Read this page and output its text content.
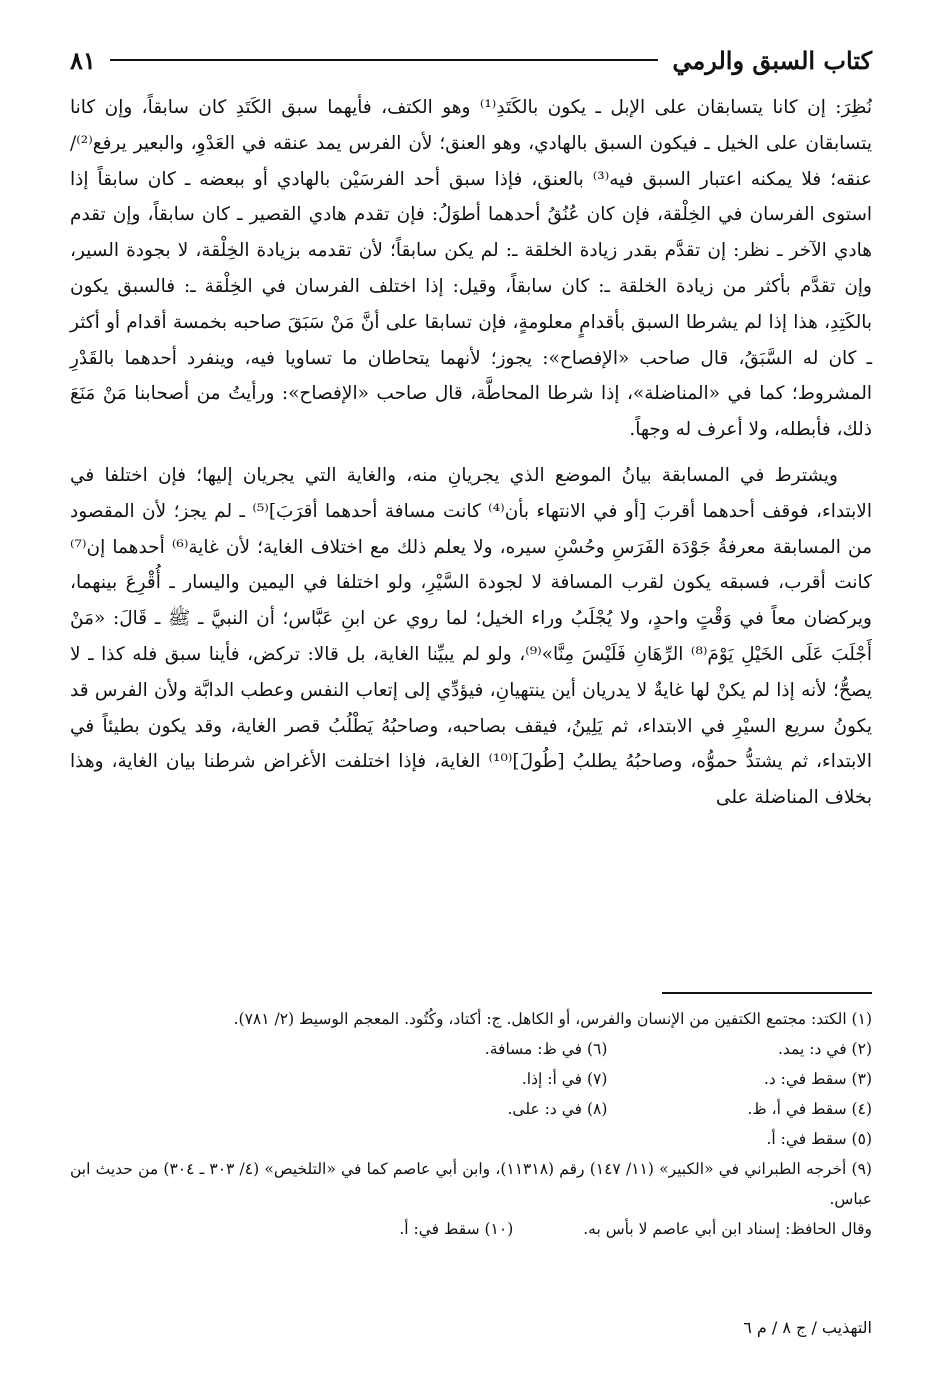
كتاب السبق والرمي
٨١

نُظِرَ: إن كانا يتسابقان على الإبل ـ يكون بالكَتَدِ⁽¹⁾ وهو الكتف، فأيهما سبق الكَتَدِ كان سابقاً، وإن كانا يتسابقان على الخيل ـ فيكون السبق بالهادي، وهو العنق؛ لأن الفرس يمد عنقه في العَدْوِ، والبعير يرفع⁽²⁾/ عنقه؛ فلا يمكنه اعتبار السبق فيه⁽³⁾ بالعنق، فإذا سبق أحد الفرسَيْن بالهادي أو ببعضه ـ كان سابقاً إذا استوى الفرسان في الخِلْقة، فإن كان عُنُقُ أحدهما أطوَلُ: فإن تقدم هادي القصير ـ كان سابقاً، وإن تقدم هادي الآخر ـ نظر: إن تقدَّم بقدر زيادة الخلقة ـ: لم يكن سابقاً؛ لأن تقدمه بزيادة الخِلْقة، لا بجودة السير، وإن تقدَّم بأكثر من زيادة الخلقة ـ: كان سابقاً، وقيل: إذا اختلف الفرسان في الخِلْقة ـ: فالسبق يكون بالكَتِدِ، هذا إذا لم يشرطا السبق بأقدامٍ معلومةٍ، فإن تسابقا على أنَّ مَنْ سَبَقَ صاحبه بخمسة أقدام أو أكثر ـ كان له السَّبَقُ، قال صاحب «الإفصاح»: يجوز؛ لأنهما يتحاطان ما تساويا فيه، وينفرد أحدهما بالقَدْرِ المشروط؛ كما في «المناضلة»، إذا شرطا المحاطَّة، قال صاحب «الإفصاح»: ورأيتُ من أصحابنا مَنْ مَنَعَ ذلك، فأبطله، ولا أعرف له وجهاً.

ويشترط في المسابقة بيانُ الموضع الذي يجريانِ منه، والغاية التي يجريان إليها؛ فإن اختلفا في الابتداء، فوقف أحدهما أقربَ [أو في الانتهاء بأن⁽⁴⁾ كانت مسافة أحدهما أقرَبَ]⁽⁵⁾ ـ لم يجز؛ لأن المقصود من المسابقة معرفةُ جَوْدَة الفَرَسِ وحُسْنِ سيره، ولا يعلم ذلك مع اختلاف الغاية؛ لأن غاية⁽⁶⁾ أحدهما إن⁽⁷⁾ كانت أقرب، فسبقه يكون لقرب المسافة لا لجودة السَّيْرِ، ولو اختلفا في اليمين واليسار ـ أُقْرِعَ بينهما، ويركضان معاً في وَقْتٍ واحدٍ، ولا يُجْلَبُ وراء الخيل؛ لما روي عن ابنِ عَبَّاس؛ أن النبيَّ ـ ﷺ ـ قَالَ: «مَنْ أَجْلَبَ عَلَى الخَيْلِ يَوْمَ⁽⁸⁾ الرِّهَانِ فَلَيْسَ مِنَّا»⁽⁹⁾، ولو لم يبيِّنا الغاية، بل قالا: تركض، فأينا سبق فله كذا ـ لا يصحُّ؛ لأنه إذا لم يكنْ لها غايةٌ لا يدريان أين ينتهيانِ، فيؤدِّي إلى إتعاب النفس وعطب الدابَّة ولأن الفرس قد يكونُ سريع السيْرِ في الابتداء، ثم يَلِينُ، فيقف بصاحبه، وصاحبُهُ يَطْلُبُ قصر الغاية، وقد يكون بطيئاً في الابتداء، ثم يشتدُّ حموُّه، وصاحبُهُ يطلبُ [طُولَ]⁽¹⁰⁾ الغاية، فإذا اختلفت الأغراض شرطنا بيان الغاية، وهذا بخلاف المناضلة على

(١) الكتد: مجتمع الكتفين من الإنسان والفرس، أو الكاهل. ج: أكتاد، وكُتُود. المعجم الوسيط (٢/ ٧٨١).
(٢) في د: يمد.
(٣) سقط في: د.
(٤) سقط في أ، ظ.
(٥) سقط في: أ.
(٦) في ظ: مسافة.
(٧) في أ: إذا.
(٨) في د: على.
(٩) أخرجه الطبراني في «الكبير» (١١/ ١٤٧) رقم (١١٣١٨)، وابن أبي عاصم كما في «التلخيص» (٤/ ٣٠٣ ـ ٣٠٤) من حديث ابن عباس.
وقال الحافظ: إسناد ابن أبي عاصم لا بأس به.
(١٠) سقط في: أ.
التهذيب / ج ٨ / م ٦
